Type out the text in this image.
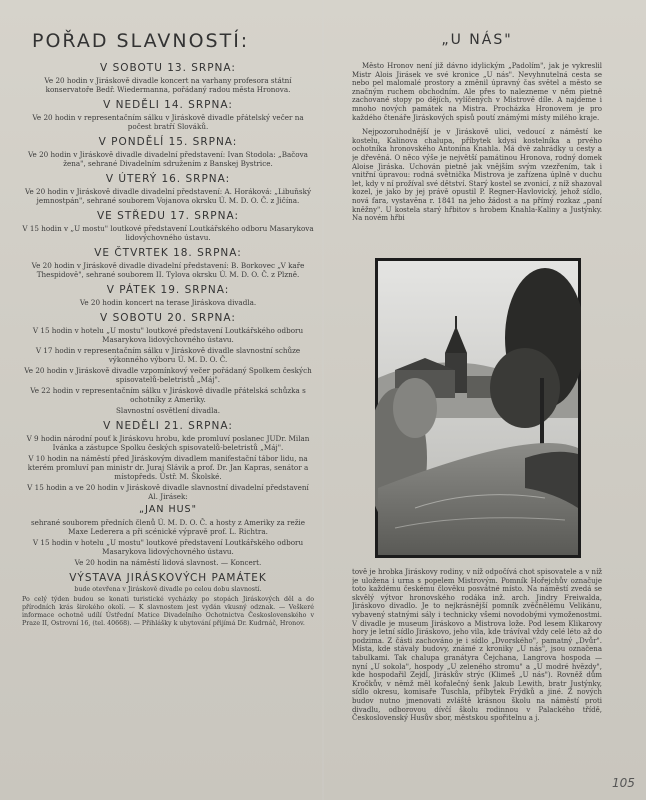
POŘAD SLAVNOSTÍ:
V SOBOTU 13. SRPNA:
Ve 20 hodin v Jiráskově divadle koncert na varhany profesora státní konservatoře Bedř. Wiedermanna, pořádaný radou města Hronova.
V NEDĚLI 14. SRPNA:
Ve 20 hodin v representačním sálku v Jiráskově divadle přátelský večer na počest bratří Slováků.
V PONDĚLÍ 15. SRPNA:
Ve 20 hodin v Jiráskově divadle divadelní představení: Ivan Stodola: „Bačova žena", sehrané Divadelním sdružením z Banskej Bystrice.
V ÚTERÝ 16. SRPNA:
Ve 20 hodin v Jiráskově divadle divadelní představení: A. Horáková: „Libuňský jemnostpán", sehrané souborem Vojanova okrsku Ú. M. D. O. Č. z Jičína.
VE STŘEDU 17. SRPNA:
V 15 hodin v „U mostu" loutkové představení Loutkářského odboru Masarykova lidovýchovného ústavu.
VE ČTVRTEK 18. SRPNA:
Ve 20 hodin v Jiráskově divadle divadelní představení: B. Borkovec „V kaře Thespidově", sehrané souborem II. Tylova okrsku Ú. M. D. O. Č. z Plzně.
V PÁTEK 19. SRPNA:
Ve 20 hodin koncert na terase Jiráskova divadla.
V SOBOTU 20. SRPNA:
V 15 hodin v hotelu „U mostu" loutkové představení Loutkářského odboru Masarykova lidovýchovného ústavu.
V 17 hodin v representačním sálku v Jiráskově divadle slavnostní schůze výkonného výboru Ú. M. D. O. Č.
Ve 20 hodin v Jiráskově divadle vzpomínkový večer pořádaný Spolkem českých spisovatelů-beletristů „Máj".
Ve 22 hodin v representačním sálku v Jiráskově divadle přátelská schůzka s ochotníky z Ameriky.
Slavnostní osvětlení divadla.
V NEDĚLI 21. SRPNA:
V 9 hodin národní pouť k Jiráskovu hrobu, kde promluví poslanec JUDr. Milan Ivánka a zástupce Spolku českých spisovatelů-beletristů „Máj".
V 10 hodin na náměstí před Jiráskovým divadlem manifestační tábor lidu, na kterém promluví pan ministr dr. Juraj Slávik a prof. Dr. Jan Kapras, senátor a místopředs. Ústř. M. Školské.
V 15 hodin a ve 20 hodin v Jiráskově divadle slavnostní divadelní představení Al. Jirásek:
„JAN HUS"
sehrané souborem předních členů Ú. M. D. O. Č. a hosty z Ameriky za režie Maxe Lederera a při scénické výpravě prof. L. Richtra.
V 15 hodin v hotelu „U mostu" loutkové představení Loutkářského odboru Masarykova lidovýchovného ústavu.
Ve 20 hodin na náměstí lidová slavnost. — Koncert.
VÝSTAVA JIRÁSKOVÝCH PAMÁTEK
bude otevřena v Jiráskově divadle po celou dobu slavností.
Po celý týden budou se konati turistické vycházky po stopách Jiráskových děl a do přírodních krás širokého okolí. — K slavnostem jest vydán vkusný odznak. — Veškeré informace ochotně udílí Ústřední Matice Divadelního Ochotnictva Československého v Praze II, Ostrovní 16, (tel. 40668). — Přihlášky k ubytování přijímá Dr. Kudrnáč, Hronov.
„U NÁS"
Město Hronov není již dávno idylickým „Padolím", jak je vykreslil Mistr Alois Jirásek ve své kronice „U nás". Nevyhnutelná cesta se nebo pel malomalé prostory a změnil úpravný čas světel a město se značným ruchem obchodním. Ale přes to nalezneme v něm pietně zachované stopy po dějích, vylíčených v Mistrově díle. A najdeme i mnoho nových památek na Mistra. Procházka Hronovem je pro každého čtenáře Jiráskových spisů poutí známými místy milého kraje.
Nejpozoruhodnější je v Jiráskově ulici, vedoucí z náměstí ke kostelu, Kalinova chalupa, příbytek kdysi kostelníka a prvého ochotníka hronovského Antonína Knahla. Má dvě zahrádky u cesty a je dřevěná. O něco výše je největší památinou Hronova, rodný domek Aloise Jiráska. Uchován pietně jak vnějším svým vzezřením, tak i vnitřní úpravou: rodná světnička Mistrova je zařízena úplně v duchu let, kdy v ní prožíval své dětství. Starý kostel se zvonicí, z níž shazoval kozel, je jako by jej právě opustil P. Regner-Havlovický, jehož sídlo, nová fara, vystavěna r. 1841 na jeho žádost a na přímý rozkaz „paní kněžny". U kostela starý hřbitov s hrobem Knahla-Kaliny a Justýnky. Na novém hřbi
tově je hrobka Jiráskovy rodiny, v níž odpočívá chot spisovatele a v níž je uložena i urna s popelem Mistrovým. Pomník Hořejchův označuje toto každému českému člověku posvátné místo. Na náměstí zvedá se skvělý výtvor hronovského rodáka inž. arch. Jindry Freiwalda, Jiráskovo divadlo. Je to nejkrásnější pomník zvěčnělému Velikánu, vybavený statnými sály i technicky všemi novodobými vymoženostmi. V divadle je museum Jiráskovo a Mistrova lože. Pod lesem Klikarovy hory je letní sídlo Jiráskovo, jeho vila, kde trávíval vždy celé léto až do podzima. Z části zachováno je i sídlo „Dvorského", pamatný „Dvůr". Místa, kde stávaly budovy, známé z kroniky „U nás", jsou označena tabulkami. Tak chalupa granátyra Čejchana, Langrova hospoda — nyní „U sokola", hospody „U zeleného stromu" a „U modré hvězdy", kde hospodařil Zejdl, Jiráskův strýc (Klimeš „U nás"). Rovněž dům Kročkův, v němž měl kořalečný šenk Jakub Lewith, bratr Justýnky, sídlo okresu, komisaře Tuschla, příbytek Frýdků a jiné. Z nových budov nutno jmenovati zvláště krásnou školu na náměstí proti divadlu, odborovou dívčí školu rodinnou v Palackého třídě, Československý Husův sbor, městskou spořitelnu a j.
105
